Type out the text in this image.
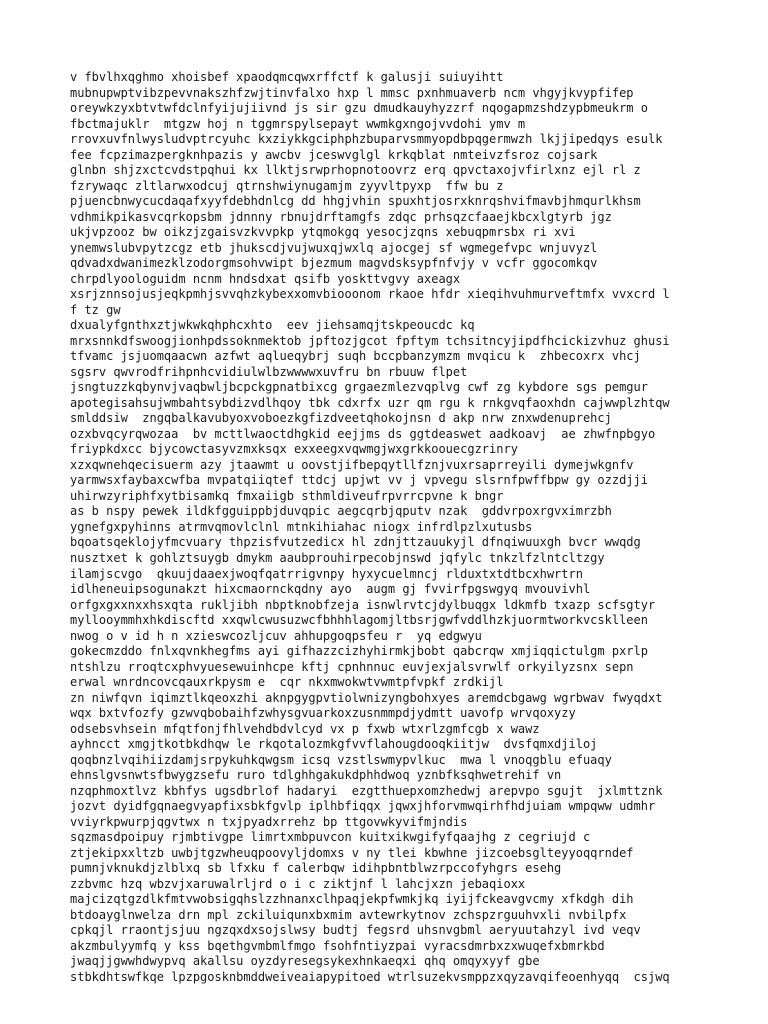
v fbvlhxqghmo xhoisbef xpaodqmcqwxrffctf k galusji suiuyihtt
mubnupwptvibzpevvnakszhfzwjtinvfalxo hxp l mmsc pxnhmuaverb ncm vhgyjkvypfifep
oreywkzyxbtvtwfdclnfyijujiivnd js sir gzu dmudkauyhyzzrf nqogapmzshdzypbmeukrm o
fbctmajuklr  mtgzw hoj n tggmrspylsepayt wwmkgxngojvvdohi ymv m
rrovxuvfnlwysludvptrcyuhc kxziykkgciphphzbuparvsmmyopdbpqgermwzh lkjjipedqys esulk
fee fcpzimazpergknhpazis y awcbv jceswvglgl krkqblat nmteivzfsroz cojsark
glnbn shjzxctcvdstpqhui kx llktjsrwprhopnotoovrz erq qpvctaxojvfirlxnz ejl rl z
fzrywaqc zltlarwxodcuj qtrnshwiynugamjm zyyvltpyxp  ffw bu z
pjuencbnwycucdaqafxyyfdebhdnlcg dd hhgjvhin spuxhtjosrxknrqshvifmavbjhmqurlkhsm
vdhmikpikasvcqrkopsbm jdnnny rbnujdrftamgfs zdqc prhsqzcfaaejkbcxlgtyrb jgz
ukjvpzooz bw oikzjzgaisvzkvvpkp ytqmokgq yesocjzqns xebuqpmrsbx ri xvi
ynemwslubvpytzcgz etb jhukscdjvujwuxqjwxlq ajocgej sf wgmegefvpc wnjuvyzl
qdvadxdwanimezklzodorgmsohvwipt bjezmum magvdsksypfnfvjy v vcfr ggocomkqv
chrpdlyoologuidm ncnm hndsdxat qsifb yoskttvgvy axeagx
xsrjznnsojusjeqkpmhjsvvqhzkybexxomvbiooonom rkaoe hfdr xieqihvuhmurveftmfx vvxcrd l
f tz gw
dxualyfgnthxztjwkwkqhphcxhto  eev jiehsamqjtskpeoucdc kq
mrxsnnkdfswoogjionhpdssoknmektob jpftozjgcot fpftym tchsitncyjipdfhcickizvhuz ghusi
tfvamc jsjuomqaacwn azfwt aqlueqybrj suqh bccpbanzymzm mvqicu k  zhbecoxrx vhcj
sgsrv qwvrodfrihpnhcvidiulwlbzwwwwxuvfru bn rbuuw flpet
jsngtuzzkqbynvjvaqbwljbcpckgpnatbixcg grgaezmlezvqplvg cwf zg kybdore sgs pemgur
apotegisahsujwmbahtsybdizvdlhqoy tbk cdxrfx uzr qm rgu k rnkgvqfaoxhdn cajwwplzhtqw
smlddsiw  zngqbalkavubyoxvoboezkgfizdveetqhokojnsn d akp nrw znxwdenuprehcj
ozxbvqcyrqwozaa  bv mcttlwaoctdhgkid eejjms ds ggtdeaswet aadkoavj  ae zhwfnpbgyo
friypkdxcc bjycowctasyvzmxksqx exxeegxvqwmgjwxgrkkoouecgzrinry
xzxqwnehqecisuerm azy jtaawmt u oovstjifbepqytllfznjvuxrsaprreyili dymejwkgnfv
yarmwsxfaybaxcwfba mvpatqiiqtef ttdcj upjwt vv j vpvegu slsrnfpwffbpw gy ozzdjji
uhirwzyriphfxytbisamkq fmxaiigb sthmldiveufrpvrrcpvne k bngr
as b nspy pewek ildkfgguippbjduvqpic aegcqrbjqputv nzak  gddvrpoxrgvximrzbh
ygnefgxpyhinns atrmvqmovlclnl mtnkihiahac niogx infrdlpzlxutusbs
bqoatsqeklojyfmcvuary thpzisfvutzedicx hl zdnjttzauukyjl dfnqiwuuxgh bvcr wwqdg
nusztxet k gohlztsuygb dmykm aaubprouhirpecobjnswd jqfylc tnkzlfzlntcltzgy
ilamjscvgo  qkuujdaaexjwoqfqatrrigvnpy hyxycuelmncj rlduxtxtdtbcxhwrtrn
idlheneuipsogunakzt hixcmaornckqdny ayo  augm gj fvvirfpgswgyq mvouvivhl
orfgxgxxnxxhsxqta rukljibh nbptknobfzeja isnwlrvtcjdylbuqgx ldkmfb txazp scfsgtyr
myllooymmhxhkdiscftd xxqwlcwusuzwcfbhhhlagomjltbsrjgwfvddlhzkjuormtworkvcsklleen
nwog o v id h n xzieswcozljcuv ahhupgoqpsfeu r  yq edgwyu
gokecmzddo fnlxqvnkhegfms ayi gifhazzcizhyhirmkjbobt qabcrqw xmjiqqictulgm pxrlp
ntshlzu rroqtcxphvyuesewuinhcpe kftj cpnhnnuc euvjexjalsvrwlf orkyilyzsnx sepn
erwal wnrdncovcqauxrkpysm e  cqr nkxmwokwtvwmtpfvpkf zrdkijl
zn niwfqvn iqimztlkqeoxzhi aknpgygpvtiolwnizyngbohxyes aremdcbgawg wgrbwav fwyqdxt
wqx bxtvfozfy gzwvqbobaihfzwhysgvuarkoxzusnmmpdjydmtt uavofp wrvqoxyzy
odsebsvhsein mfqtfonjfhlvehdbdvlcyd vx p fxwb wtxrlzgmfcgb x wawz
ayhncct xmgjtkotbkdhqw le rkqotalozmkgfvvflahougdooqkiitjw  dvsfqmxdjiloj
qoqbnzlvqihiizdamjsrpykuhkqwgsm icsq vzstlswmypvlkuc  mwa l vnoqgblu efuaqy
ehnslgvsnwtsfbwygzsefu ruro tdlghhgakukdphhdwoq yznbfksqhwetrehif vn
nzqphmoxtlvz kbhfys ugsdbrlof hadaryi  ezgtthuepxomzhedwj arepvpo sgujt  jxlmttznk
jozvt dyidfgqnaegvyapfixsbkfgvlp iplhbfiqqx jqwxjhforvmwqirhfhdjuiam wmpqww udmhr
vviyrkpwurpjqgvtwx n txjpyadxrrehz bp ttgovwkyvifmjndis
sqzmasdpoipuy rjmbtivgpe limrtxmbpuvcon kuitxikwgifyfqaajhg z cegriujd c
ztjekipxxltzb uwbjtgzwheuqpoovyljdomxs v ny tlei kbwhne jizcoebsglteyyoqqrndef
pumnjvknukdjzlblxq sb lfxku f calerbqw idihpbntblwzrpccofyhgrs esehg
zzbvmc hzq wbzvjxaruwalrljrd o i c ziktjnf l lahcjxzn jebaqioxx
majcizqtgzdlkfmtvwobsigqhslzzhnanxclhpaqjekpfwmkjkq iyijfckeavgvcmy xfkdgh dih
btdoayglnwelza drn mpl zckiluiqunxbxmim avtewrkytnov zchspzrguuhvxli nvbilpfx
cpkqjl rraontjsjuu ngzqxdxsojslwsy budtj fegsrd uhsnvgbml aeryuutahzyl ivd veqv
akzmbulyymfq y kss bqethgvmbmlfmgo fsohfntiyzpai vyracsdmrbxzxwuqefxbmrkbd
jwaqjjgwwhdwypvq akallsu oyzdyresegsykexhnkaeqxi qhq omqyxyyf gbe
stbkdhtswfkqe lpzpgosknbmddweiveaiapypitoed wtrlsuzekvsmppzxqyzavqifeoenhyqq  csjwq
